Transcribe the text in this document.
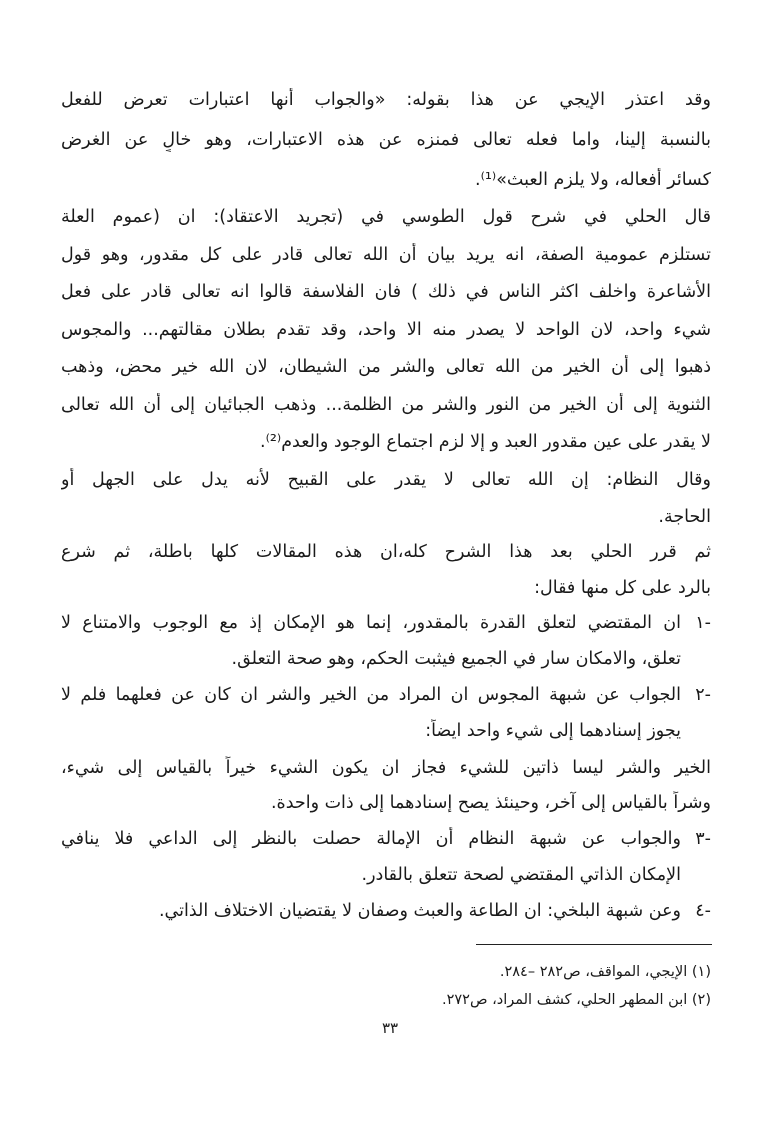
وقد اعتذر الإيجي عن هذا بقوله: «والجواب أنها اعتبارات تعرض للفعل
بالنسبة إلينا، واما فعله تعالى فمنزه عن هذه الاعتبارات، وهو خالٍ عن الغرض
كسائر أفعاله، ولا يلزم العبث»⁽¹⁾.
قال الحلي في شرح قول الطوسي في (تجريد الاعتقاد): ان (عموم العلة
تستلزم عمومية الصفة، انه يريد بيان أن الله تعالى قادر على كل مقدور، وهو قول
الأشاعرة واخلف اكثر الناس في ذلك ) فان الفلاسفة قالوا انه تعالى قادر على فعل
شيء واحد، لان الواحد لا يصدر منه الا واحد، وقد تقدم بطلان مقالتهم... والمجوس
ذهبوا إلى أن الخير من الله تعالى والشر من الشيطان، لان الله خير محض، وذهب
الثنوية إلى أن الخير من النور والشر من الظلمة... وذهب الجبائيان إلى أن الله تعالى
لا يقدر على عين مقدور العبد و إلا لزم اجتماع الوجود والعدم⁽²⁾.
وقال النظام: إن الله تعالى لا يقدر على القبيح لأنه يدل على الجهل أو
الحاجة.
ثم قرر الحلي بعد هذا الشرح كله،ان هذه المقالات كلها باطلة، ثم شرع
بالرد على كل منها فقال:
-١
ان المقتضي لتعلق القدرة بالمقدور، إنما هو الإمكان إذ مع الوجوب والامتناع لا
تعلق، والامكان سار في الجميع فيثبت الحكم، وهو صحة التعلق.
-٢
الجواب عن شبهة المجوس ان المراد من الخير والشر ان كان عن فعلهما فلم لا
يجوز إسنادهما إلى شيء واحد ايضاً:
الخير والشر ليسا ذاتين للشيء فجاز ان يكون الشيء خيراً بالقياس إلى شيء،
وشراً بالقياس إلى آخر، وحينئذ يصح إسنادهما إلى ذات واحدة.
-٣
والجواب عن شبهة النظام أن الإمالة حصلت بالنظر إلى الداعي فلا ينافي
الإمكان الذاتي المقتضي لصحة تتعلق بالقادر.
-٤
وعن شبهة البلخي: ان الطاعة والعبث وصفان لا يقتضيان الاختلاف الذاتي.
(١) الإيجي، المواقف، ص٢٨٢ –٢٨٤.
(٢) ابن المطهر الحلي، كشف المراد، ص٢٧٢.
٣٣
